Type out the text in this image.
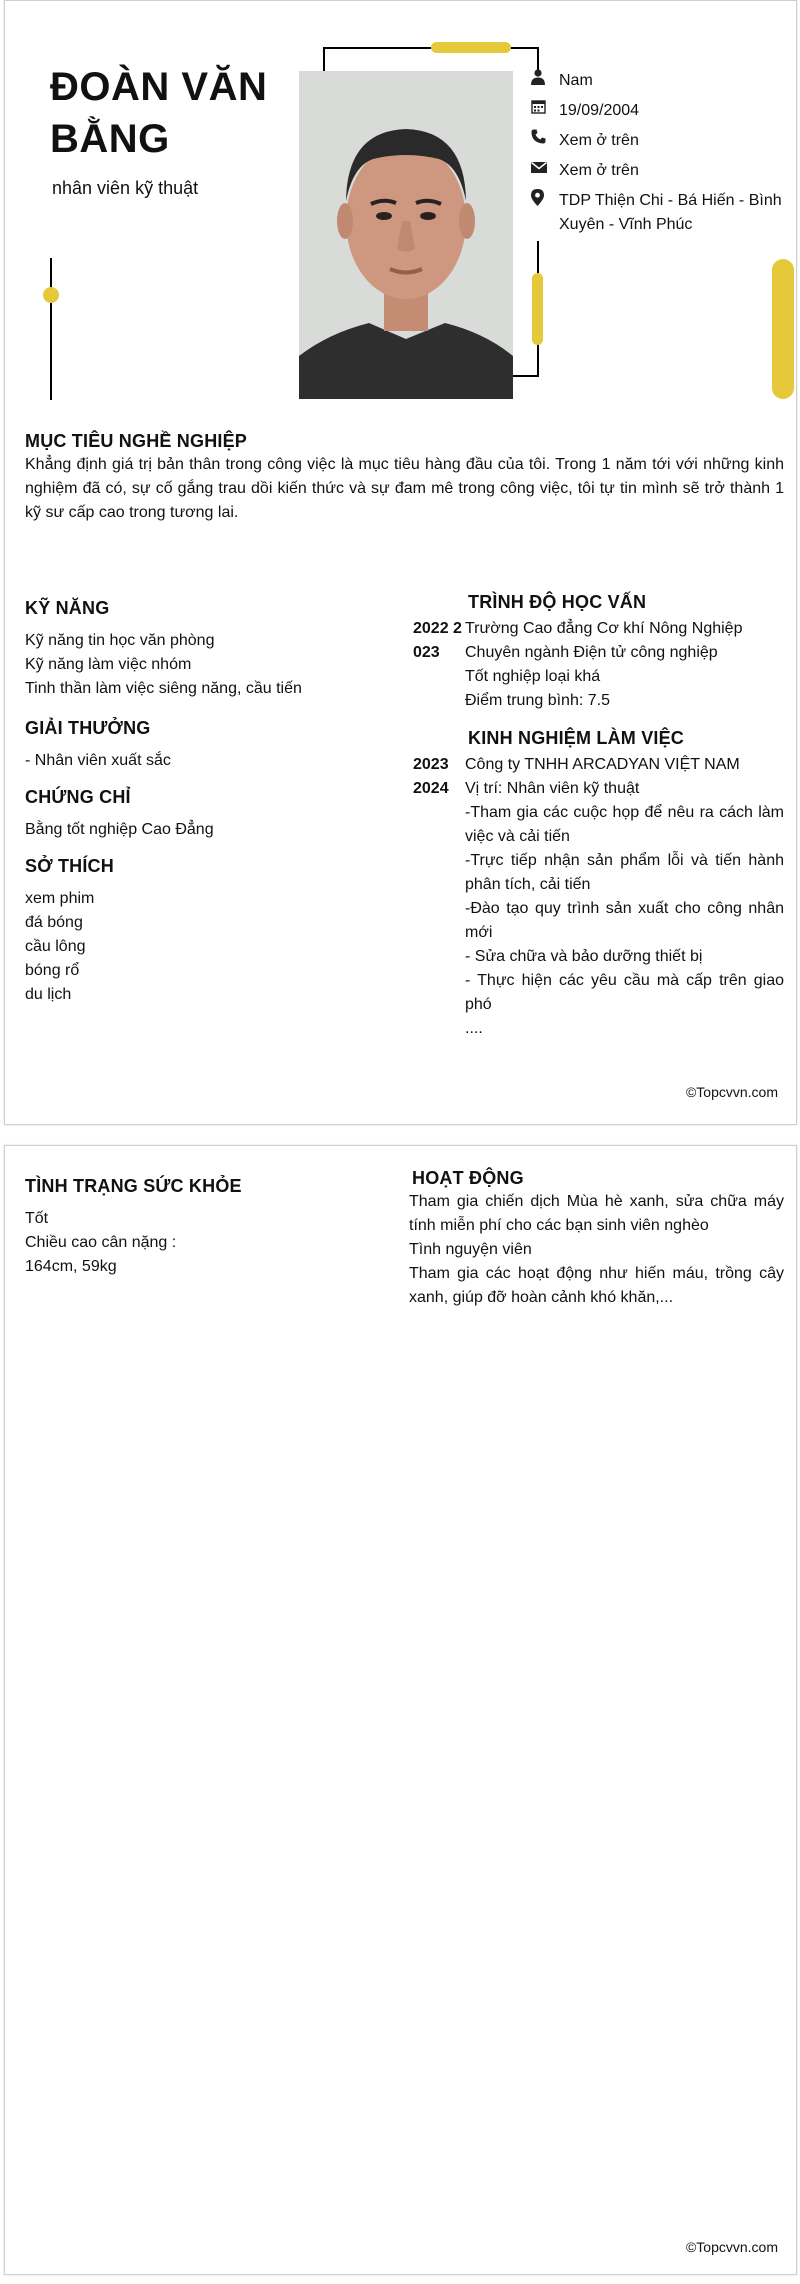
ĐOÀN VĂN BẰNG
nhân viên kỹ thuật
Nam
19/09/2004
Xem ở trên
Xem ở trên
TDP Thiện Chi - Bá Hiến - Bình Xuyên - Vĩnh Phúc
MỤC TIÊU NGHỀ NGHIỆP
Khẳng định giá trị bản thân trong công việc là mục tiêu hàng đầu của tôi. Trong 1 năm tới với những kinh nghiệm đã có, sự cố gắng trau dồi kiến thức và sự đam mê trong công việc, tôi tự tin mình sẽ trở thành 1 kỹ sư cấp cao trong tương lai.
KỸ NĂNG
Kỹ năng tin học văn phòng
Kỹ năng làm việc nhóm
Tinh thần làm việc siêng năng, cầu tiến
GIẢI THƯỞNG
- Nhân viên xuất sắc
CHỨNG CHỈ
Bằng tốt nghiệp Cao Đẳng
SỞ THÍCH
xem phim
đá bóng
cầu lông
bóng rổ
du lịch
TRÌNH ĐỘ HỌC VẤN
2022 2
023
Trường Cao đẳng Cơ khí Nông Nghiệp
Chuyên ngành Điện tử công nghiệp
Tốt nghiệp loại khá
Điểm trung bình: 7.5
KINH NGHIỆM LÀM VIỆC
2023
2024
Công ty TNHH ARCADYAN VIỆT NAM
Vị trí: Nhân viên kỹ thuật
-Tham gia các cuộc họp để nêu ra cách làm việc và cải tiến
-Trực tiếp nhận sản phẩm lỗi và tiến hành phân tích, cải tiến
-Đào tạo quy trình sản xuất cho công nhân mới
- Sửa chữa và bảo dưỡng thiết bị
- Thực hiện các yêu cầu mà cấp trên giao phó
....
©Topcvvn.com
TÌNH TRẠNG SỨC KHỎE
Tốt
Chiều cao cân nặng :
164cm, 59kg
HOẠT ĐỘNG
Tham gia chiến dịch Mùa hè xanh, sửa chữa máy tính miễn phí cho các bạn sinh viên nghèo
Tình nguyện viên
Tham gia các hoạt động như hiến máu, trồng cây xanh, giúp đỡ hoàn cảnh khó khăn,...
©Topcvvn.com
